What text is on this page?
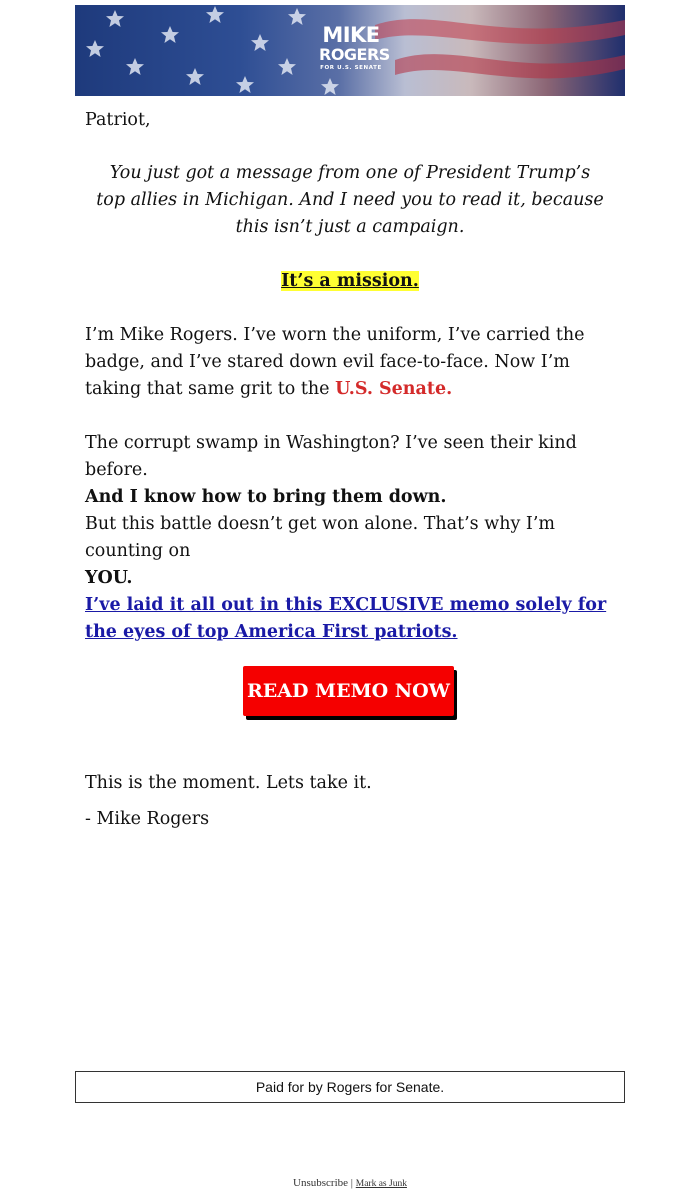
MIKE
ROGERS
FOR U.S. SENATE

Patriot,

You just got a message from one of President Trump’s top allies in Michigan. And I need you to read it, because this isn’t just a campaign.

It’s a mission.

I’m Mike Rogers. I’ve worn the uniform, I’ve carried the badge, and I’ve stared down evil face-to-face. Now I’m taking that same grit to the U.S. Senate.

The corrupt swamp in Washington? I’ve seen their kind before.
And I know how to bring them down.

But this battle doesn’t get won alone. That’s why I’m counting on
YOU.

I’ve laid it all out in this EXCLUSIVE memo solely for the eyes of top America First patriots.
READ MEMO NOW

This is the moment. Lets take it.

- Mike Rogers

Paid for by Rogers for Senate.
Unsubscribe | Mark as Junk
